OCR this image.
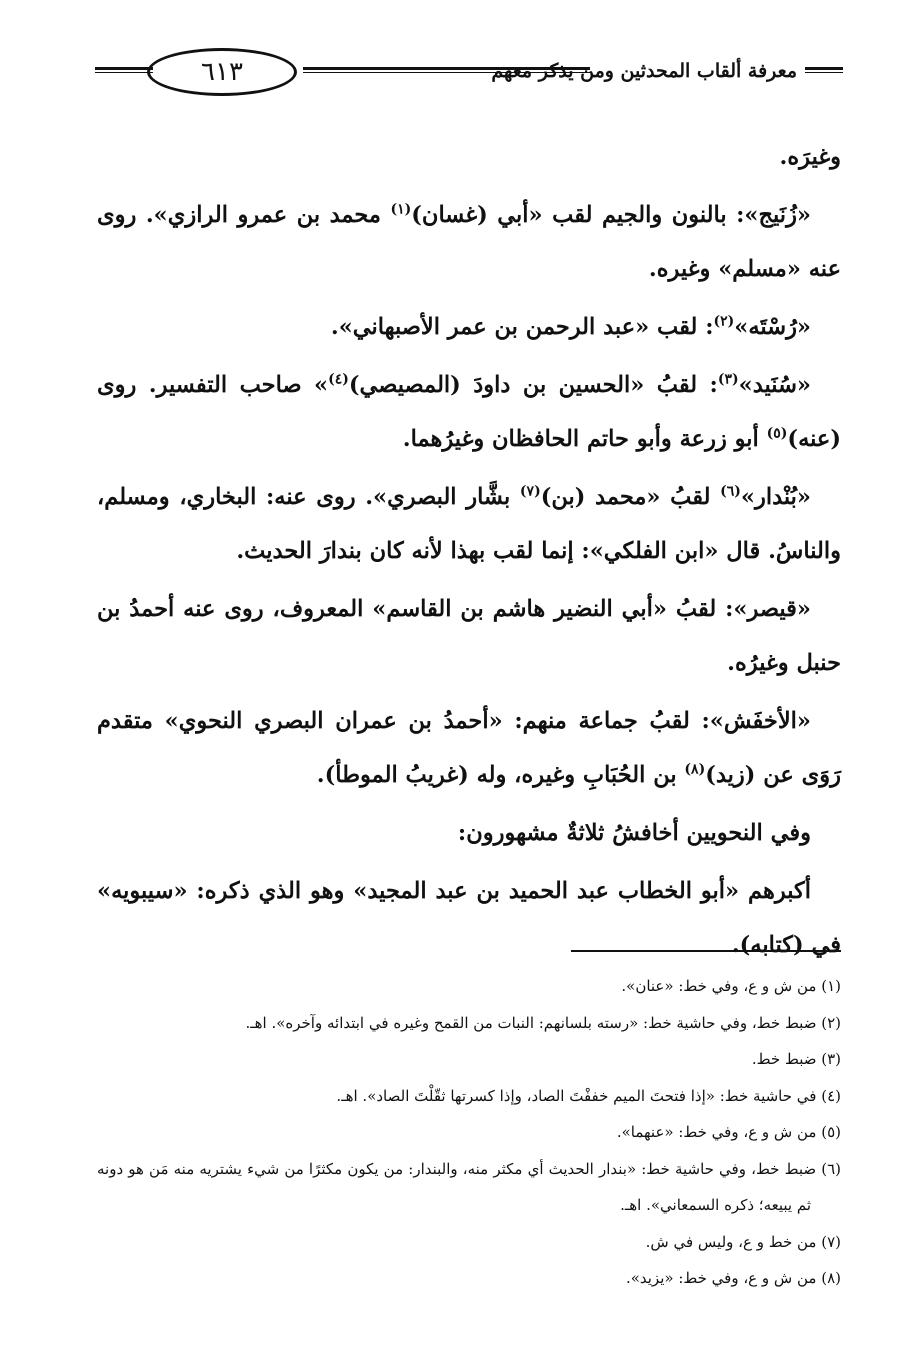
٦١٣	معرفة ألقاب المحدثين ومن يذكر معهم

وغيرَه.

«زُنَيج»: بالنون والجيم لقب «أبي (غسان)$^{(١)}$ محمد بن عمرو الرازي». روى عنه «مسلم» وغيره.

«رُسْتَه»$^{(٢)}$: لقب «عبد الرحمن بن عمر الأصبهاني».

«سُنَيد»$^{(٣)}$: لقبُ «الحسين بن داودَ (المصيصي)$^{(٤)}$» صاحب التفسير. روى (عنه)$^{(٥)}$ أبو زرعة وأبو حاتم الحافظان وغيرُهما.

«بُنْدار»$^{(٦)}$ لقبُ «محمد (بن)$^{(٧)}$ بشَّار البصري». روى عنه: البخاري، ومسلم، والناسُ. قال «ابن الفلكي»: إنما لقب بهذا لأنه كان بندارَ الحديث.

«قيصر»: لقبُ «أبي النضير هاشم بن القاسم» المعروف، روى عنه أحمدُ بن حنبل وغيرُه.

«الأخفَش»: لقبُ جماعة منهم: «أحمدُ بن عمران البصري النحوي» متقدم رَوَى عن (زيد)$^{(٨)}$ بن الحُبَابِ وغيره، وله (غريبُ الموطأ).

وفي النحويين أخافشُ ثلاثةٌ مشهورون:

أكبرهم «أبو الخطاب عبد الحميد بن عبد المجيد» وهو الذي ذكره: «سيبويه» في (كتابه).

(١) من ش و ع، وفي خط: «عنان».

(٢) ضبط خط، وفي حاشية خط: «رسته بلسانهم: النبات من القمح وغيره في ابتدائه وآخره». اهـ.

(٣) ضبط خط.

(٤) في حاشية خط: «إذا فتحتَ الميم خففْتَ الصاد، وإذا كسرتها ثقّلْتَ الصاد». اهـ.

(٥) من ش و ع، وفي خط: «عنهما».

(٦) ضبط خط، وفي حاشية خط: «بندار الحديث أي مكثر منه، والبندار: من يكون مكثرًا من شيء يشتريه منه مَن هو دونه ثم يبيعه؛ ذكره السمعاني». اهـ.

(٧) من خط و ع، وليس في ش.

(٨) من ش و ع، وفي خط: «يزيد».
